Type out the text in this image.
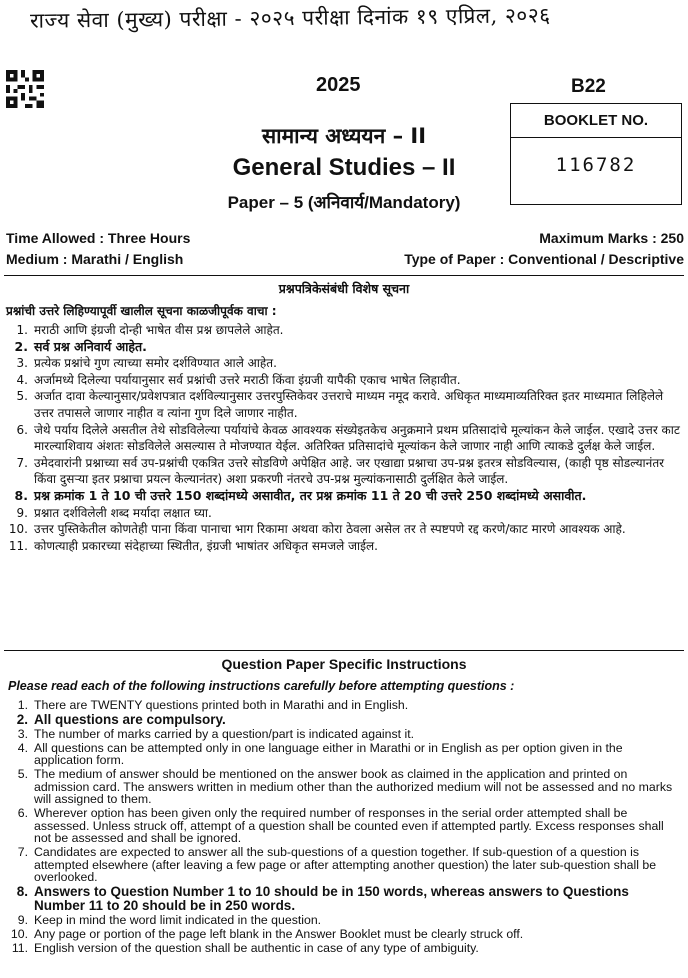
राज्य सेवा (मुख्य) परीक्षा - २०२५ परीक्षा दिनांक १९ एप्रिल, २०२६
2025	B22
BOOKLET NO.
116782
सामान्य अध्ययन – II
General Studies – II
Paper – 5 (अनिवार्य/Mandatory)
Time Allowed : Three Hours	Maximum Marks : 250
Medium : Marathi / English	Type of Paper : Conventional / Descriptive
प्रश्नपत्रिकेसंबंधी विशेष सूचना
प्रश्नांची उत्तरे लिहिण्यापूर्वी खालील सूचना काळजीपूर्वक वाचा :
1. मराठी आणि इंग्रजी दोन्ही भाषेत वीस प्रश्न छापलेले आहेत.
2. सर्व प्रश्न अनिवार्य आहेत.
3. प्रत्येक प्रश्नांचे गुण त्याच्या समोर दर्शविण्यात आले आहेत.
4. अर्जामध्ये दिलेल्या पर्यायानुसार सर्व प्रश्नांची उत्तरे मराठी किंवा इंग्रजी यापैकी एकाच भाषेत लिहावीत.
5. अर्जात दावा केल्यानुसार/प्रवेशपत्रात दर्शविल्यानुसार उत्तरपुस्तिकेवर उत्तराचे माध्यम नमूद करावे. अधिकृत माध्यमाव्यतिरिक्त इतर माध्यमात लिहिलेले उत्तर तपासले जाणार नाहीत व त्यांना गुण दिले जाणार नाहीत.
6. जेथे पर्याय दिलेले असतील तेथे सोडविलेल्या पर्यायांचे केवळ आवश्यक संख्येइतकेच अनुक्रमाने प्रथम प्रतिसादांचे मूल्यांकन केले जाईल. एखादे उत्तर काट मारल्याशिवाय अंशतः सोडविलेले असल्यास ते मोजण्यात येईल. अतिरिक्त प्रतिसादांचे मूल्यांकन केले जाणार नाही आणि त्याकडे दुर्लक्ष केले जाईल.
7. उमेदवारांनी प्रश्नाच्या सर्व उप-प्रश्नांची एकत्रित उत्तरे सोडविणे अपेक्षित आहे. जर एखाद्या प्रश्नाचा उप-प्रश्न इतरत्र सोडविल्यास, (काही पृष्ठ सोडल्यानंतर किंवा दुसऱ्या इतर प्रश्नाचा प्रयत्न केल्यानंतर) अशा प्रकरणी नंतरचे उप-प्रश्न मुल्यांकनासाठी दुर्लक्षित केले जाईल.
8. प्रश्न क्रमांक 1 ते 10 ची उत्तरे 150 शब्दांमध्ये असावीत, तर प्रश्न क्रमांक 11 ते 20 ची उत्तरे 250 शब्दांमध्ये असावीत.
9. प्रश्नात दर्शविलेली शब्द मर्यादा लक्षात घ्या.
10. उत्तर पुस्तिकेतील कोणतेही पाना किंवा पानाचा भाग रिकामा अथवा कोरा ठेवला असेल तर ते स्पष्टपणे रद्द करणे/काट मारणे आवश्यक आहे.
11. कोणत्याही प्रकारच्या संदेहाच्या स्थितीत, इंग्रजी भाषांतर अधिकृत समजले जाईल.
Question Paper Specific Instructions
Please read each of the following instructions carefully before attempting questions :
1. There are TWENTY questions printed both in Marathi and in English.
2. All questions are compulsory.
3. The number of marks carried by a question/part is indicated against it.
4. All questions can be attempted only in one language either in Marathi or in English as per option given in the application form.
5. The medium of answer should be mentioned on the answer book as claimed in the application and printed on admission card. The answers written in medium other than the authorized medium will not be assessed and no marks will assigned to them.
6. Wherever option has been given only the required number of responses in the serial order attempted shall be assessed. Unless struck off, attempt of a question shall be counted even if attempted partly. Excess responses shall not be assessed and shall be ignored.
7. Candidates are expected to answer all the sub-questions of a question together. If sub-question of a question is attempted elsewhere (after leaving a few page or after attempting another question) the later sub-question shall be overlooked.
8. Answers to Question Number 1 to 10 should be in 150 words, whereas answers to Questions Number 11 to 20 should be in 250 words.
9. Keep in mind the word limit indicated in the question.
10. Any page or portion of the page left blank in the Answer Booklet must be clearly struck off.
11. English version of the question shall be authentic in case of any type of ambiguity.
